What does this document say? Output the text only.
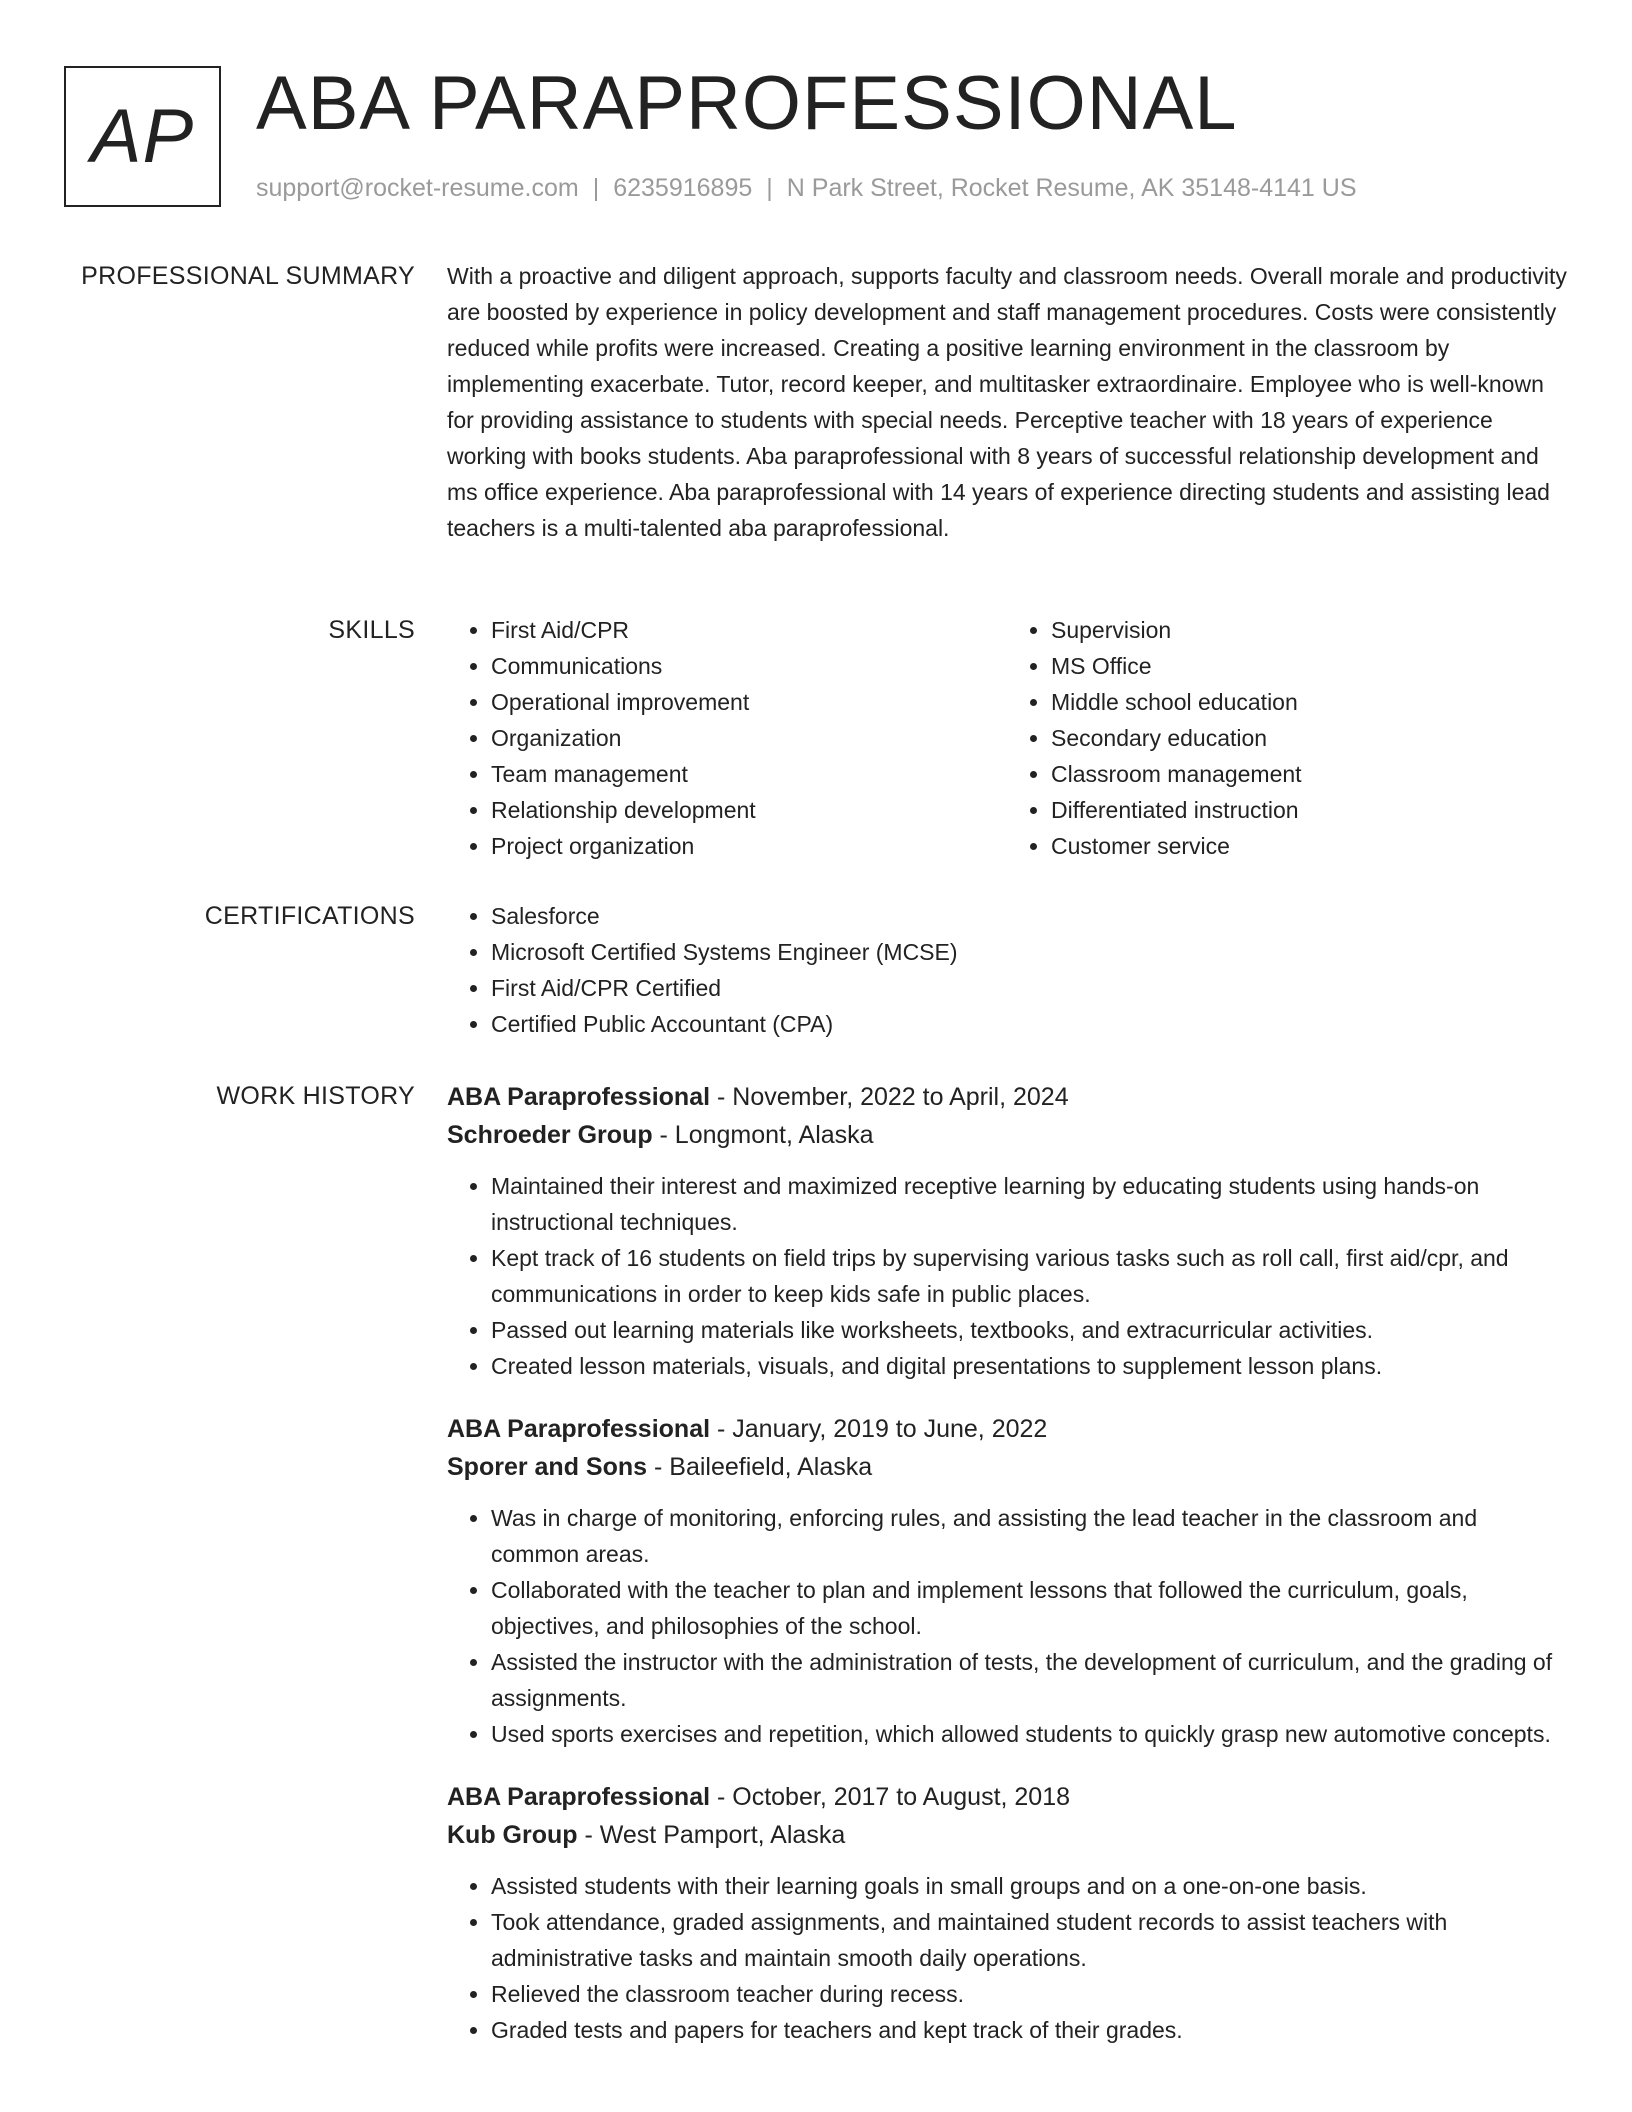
AP ABA PARAPROFESSIONAL
support@rocket-resume.com | 6235916895 | N Park Street, Rocket Resume, AK 35148-4141 US
PROFESSIONAL SUMMARY With a proactive and diligent approach, supports faculty and classroom needs. Overall morale and productivity are boosted by experience in policy development and staff management procedures. Costs were consistently reduced while profits were increased. Creating a positive learning environment in the classroom by implementing exacerbate. Tutor, record keeper, and multitasker extraordinaire. Employee who is well-known for providing assistance to students with special needs. Perceptive teacher with 18 years of experience working with books students. Aba paraprofessional with 8 years of successful relationship development and ms office experience. Aba paraprofessional with 14 years of experience directing students and assisting lead teachers is a multi-talented aba paraprofessional.

SKILLS	• First Aid/CPR
• Communications
• Operational improvement
• Organization
• Team management
• Relationship development
• Project organization
• Supervision
• MS Office
• Middle school education
• Secondary education
• Classroom management
• Differentiated instruction
• Customer service
CERTIFICATIONS	• Salesforce
• Microsoft Certified Systems Engineer (MCSE)
• First Aid/CPR Certified
• Certified Public Accountant (CPA)
WORK HISTORY ABA Paraprofessional - November, 2022 to April, 2024
Schroeder Group - Longmont, Alaska
• Maintained their interest and maximized receptive learning by educating students using hands-on instructional techniques.
• Kept track of 16 students on field trips by supervising various tasks such as roll call, first aid/cpr, and communications in order to keep kids safe in public places.
• Passed out learning materials like worksheets, textbooks, and extracurricular activities.
• Created lesson materials, visuals, and digital presentations to supplement lesson plans.
ABA Paraprofessional - January, 2019 to June, 2022
Sporer and Sons - Baileefield, Alaska
• Was in charge of monitoring, enforcing rules, and assisting the lead teacher in the classroom and common areas.
• Collaborated with the teacher to plan and implement lessons that followed the curriculum, goals, objectives, and philosophies of the school.
• Assisted the instructor with the administration of tests, the development of curriculum, and the grading of assignments.
• Used sports exercises and repetition, which allowed students to quickly grasp new automotive concepts.
ABA Paraprofessional - October, 2017 to August, 2018
Kub Group - West Pamport, Alaska
• Assisted students with their learning goals in small groups and on a one-on-one basis.
• Took attendance, graded assignments, and maintained student records to assist teachers with administrative tasks and maintain smooth daily operations.
• Relieved the classroom teacher during recess.
• Graded tests and papers for teachers and kept track of their grades.
